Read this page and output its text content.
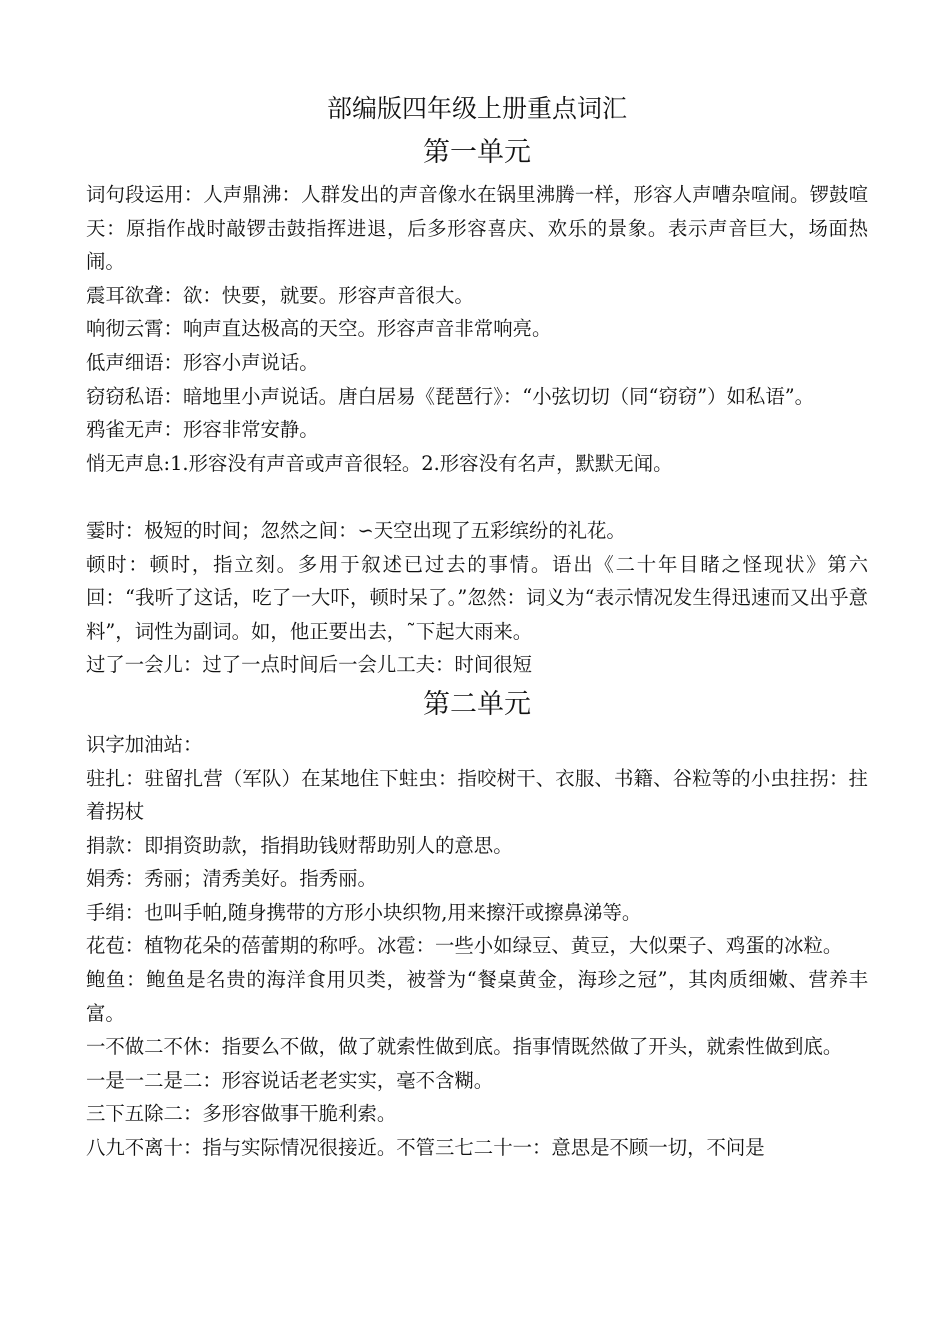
部编版四年级上册重点词汇
第一单元

词句段运用：人声鼎沸：人群发出的声音像水在锅里沸腾一样，形容人声嘈杂喧闹。锣鼓喧天：原指作战时敲锣击鼓指挥进退，后多形容喜庆、欢乐的景象。表示声音巨大，场面热闹。

震耳欲聋：欲：快要，就要。形容声音很大。

响彻云霄：响声直达极高的天空。形容声音非常响亮。

低声细语：形容小声说话。

窃窃私语：暗地里小声说话。唐白居易《琵琶行》：“小弦切切（同“窃窃”）如私语”。

鸦雀无声：形容非常安静。

悄无声息:1.形容没有声音或声音很轻。2.形容没有名声，默默无闻。

霎时：极短的时间；忽然之间：∽天空出现了五彩缤纷的礼花。

顿时：顿时，指立刻。多用于叙述已过去的事情。语出《二十年目睹之怪现状》第六回：“我听了这话，吃了一大吓，顿时呆了。”忽然：词义为“表示情况发生得迅速而又出乎意料”，词性为副词。如，他正要出去，˜下起大雨来。

过了一会儿：过了一点时间后一会儿工夫：时间很短

第二单元

识字加油站：

驻扎：驻留扎营（军队）在某地住下蛀虫：指咬树干、衣服、书籍、谷粒等的小虫拄拐：拄着拐杖

捐款：即捐资助款，指捐助钱财帮助别人的意思。

娟秀：秀丽；清秀美好。指秀丽。

手绢：也叫手帕,随身携带的方形小块织物,用来擦汗或擦鼻涕等。

花苞：植物花朵的蓓蕾期的称呼。冰雹：一些小如绿豆、黄豆，大似栗子、鸡蛋的冰粒。

鲍鱼：鲍鱼是名贵的海洋食用贝类，被誉为“餐桌黄金，海珍之冠”，其肉质细嫩、营养丰富。

一不做二不休：指要么不做，做了就索性做到底。指事情既然做了开头，就索性做到底。

一是一二是二：形容说话老老实实，毫不含糊。

三下五除二：多形容做事干脆利索。

八九不离十：指与实际情况很接近。不管三七二十一：意思是不顾一切，不问是
